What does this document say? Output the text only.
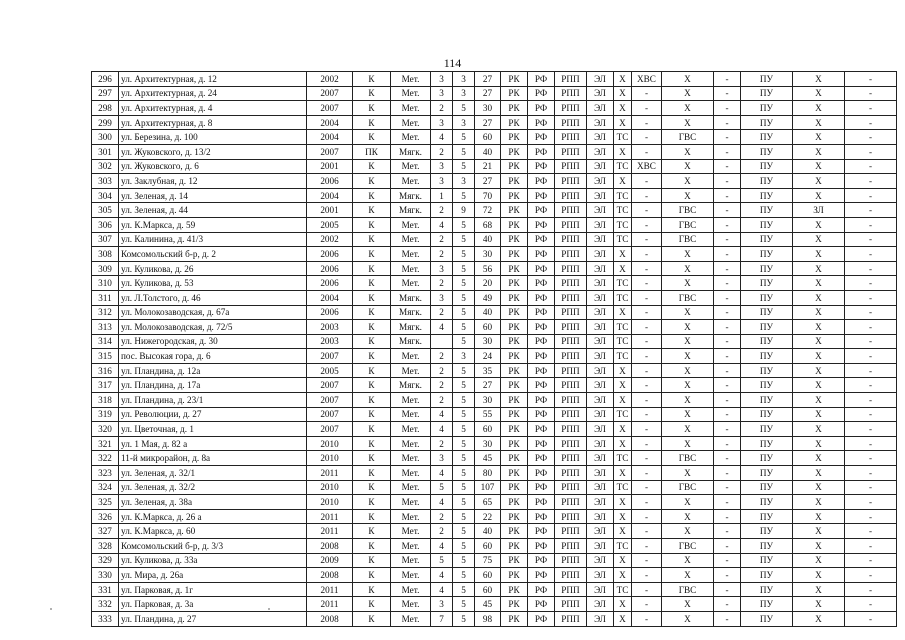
114
296	ул. Архитектурная, д. 12	2002	К	Мет.	3	3	27	РК	РФ	РПП	ЭЛ	Х	ХВС	Х	-	ПУ	Х	-
297	ул. Архитектурная, д. 24	2007	К	Мет.	3	3	27	РК	РФ	РПП	ЭЛ	Х	-	Х	-	ПУ	Х	-
298	ул. Архитектурная, д. 4	2007	К	Мет.	2	5	30	РК	РФ	РПП	ЭЛ	Х	-	Х	-	ПУ	Х	-
299	ул. Архитектурная, д. 8	2004	К	Мет.	3	3	27	РК	РФ	РПП	ЭЛ	Х	-	Х	-	ПУ	Х	-
300	ул. Березина, д. 100	2004	К	Мет.	4	5	60	РК	РФ	РПП	ЭЛ	ТС	-	ГВС	-	ПУ	Х	-
301	ул. Жуковского, д. 13/2	2007	ПК	Мягк.	2	5	40	РК	РФ	РПП	ЭЛ	Х	-	Х	-	ПУ	Х	-
302	ул. Жуковского, д. 6	2001	К	Мет.	3	5	21	РК	РФ	РПП	ЭЛ	ТС	ХВС	Х	-	ПУ	Х	-
303	ул. Заклубная, д. 12	2006	К	Мет.	3	3	27	РК	РФ	РПП	ЭЛ	Х	-	Х	-	ПУ	Х	-
304	ул. Зеленая, д. 14	2004	К	Мягк.	1	5	70	РК	РФ	РПП	ЭЛ	ТС	-	Х	-	ПУ	Х	-
305	ул. Зеленая, д. 44	2001	К	Мягк.	2	9	72	РК	РФ	РПП	ЭЛ	ТС	-	ГВС	-	ПУ	ЗЛ	-
306	ул. К.Маркса, д. 59	2005	К	Мет.	4	5	68	РК	РФ	РПП	ЭЛ	ТС	-	ГВС	-	ПУ	Х	-
307	ул. Калинина, д. 41/3	2002	К	Мет.	2	5	40	РК	РФ	РПП	ЭЛ	ТС	-	ГВС	-	ПУ	Х	-
308	Комсомольский б-р, д. 2	2006	К	Мет.	2	5	30	РК	РФ	РПП	ЭЛ	Х	-	Х	-	ПУ	Х	-
309	ул. Куликова, д. 26	2006	К	Мет.	3	5	56	РК	РФ	РПП	ЭЛ	Х	-	Х	-	ПУ	Х	-
310	ул. Куликова, д. 53	2006	К	Мет.	2	5	20	РК	РФ	РПП	ЭЛ	ТС	-	Х	-	ПУ	Х	-
311	ул. Л.Толстого, д. 46	2004	К	Мягк.	3	5	49	РК	РФ	РПП	ЭЛ	ТС	-	ГВС	-	ПУ	Х	-
312	ул. Молокозаводская, д. 67а	2006	К	Мягк.	2	5	40	РК	РФ	РПП	ЭЛ	Х	-	Х	-	ПУ	Х	-
313	ул. Молокозаводская, д. 72/5	2003	К	Мягк.	4	5	60	РК	РФ	РПП	ЭЛ	ТС	-	Х	-	ПУ	Х	-
314	ул. Нижегородская, д. 30	2003	К	Мягк.		5	30	РК	РФ	РПП	ЭЛ	ТС	-	Х	-	ПУ	Х	-
315	пос. Высокая гора, д. 6	2007	К	Мет.	2	3	24	РК	РФ	РПП	ЭЛ	ТС	-	Х	-	ПУ	Х	-
316	ул. Пландина, д. 12а	2005	К	Мет.	2	5	35	РК	РФ	РПП	ЭЛ	Х	-	Х	-	ПУ	Х	-
317	ул. Пландина, д. 17а	2007	К	Мягк.	2	5	27	РК	РФ	РПП	ЭЛ	Х	-	Х	-	ПУ	Х	-
318	ул. Пландина, д. 23/1	2007	К	Мет.	2	5	30	РК	РФ	РПП	ЭЛ	Х	-	Х	-	ПУ	Х	-
319	ул. Революции, д. 27	2007	К	Мет.	4	5	55	РК	РФ	РПП	ЭЛ	ТС	-	Х	-	ПУ	Х	-
320	ул. Цветочная, д. 1	2007	К	Мет.	4	5	60	РК	РФ	РПП	ЭЛ	Х	-	Х	-	ПУ	Х	-
321	ул. 1 Мая, д. 82 а	2010	К	Мет.	2	5	30	РК	РФ	РПП	ЭЛ	Х	-	Х	-	ПУ	Х	-
322	11-й микрорайон, д. 8а	2010	К	Мет.	3	5	45	РК	РФ	РПП	ЭЛ	ТС	-	ГВС	-	ПУ	Х	-
323	ул. Зеленая, д. 32/1	2011	К	Мет.	4	5	80	РК	РФ	РПП	ЭЛ	Х	-	Х	-	ПУ	Х	-
324	ул. Зеленая, д. 32/2	2010	К	Мет.	5	5	107	РК	РФ	РПП	ЭЛ	ТС	-	ГВС	-	ПУ	Х	-
325	ул. Зеленая, д. 38а	2010	К	Мет.	4	5	65	РК	РФ	РПП	ЭЛ	Х	-	Х	-	ПУ	Х	-
326	ул. К.Маркса, д. 26 а	2011	К	Мет.	2	5	22	РК	РФ	РПП	ЭЛ	Х	-	Х	-	ПУ	Х	-
327	ул. К.Маркса, д. 60	2011	К	Мет.	2	5	40	РК	РФ	РПП	ЭЛ	Х	-	Х	-	ПУ	Х	-
328	Комсомольский б-р, д. 3/3	2008	К	Мет.	4	5	60	РК	РФ	РПП	ЭЛ	ТС	-	ГВС	-	ПУ	Х	-
329	ул. Куликова, д. 33а	2009	К	Мет.	5	5	75	РК	РФ	РПП	ЭЛ	Х	-	Х	-	ПУ	Х	-
330	ул. Мира, д. 26а	2008	К	Мет.	4	5	60	РК	РФ	РПП	ЭЛ	Х	-	Х	-	ПУ	Х	-
331	ул. Парковая, д. 1г	2011	К	Мет.	4	5	60	РК	РФ	РПП	ЭЛ	ТС	-	ГВС	-	ПУ	Х	-
332	ул. Парковая, д. 3а	2011	К	Мет.	3	5	45	РК	РФ	РПП	ЭЛ	Х	-	Х	-	ПУ	Х	-
333	ул. Пландина, д. 27	2008	К	Мет.	7	5	98	РК	РФ	РПП	ЭЛ	Х	-	Х	-	ПУ	Х	-
